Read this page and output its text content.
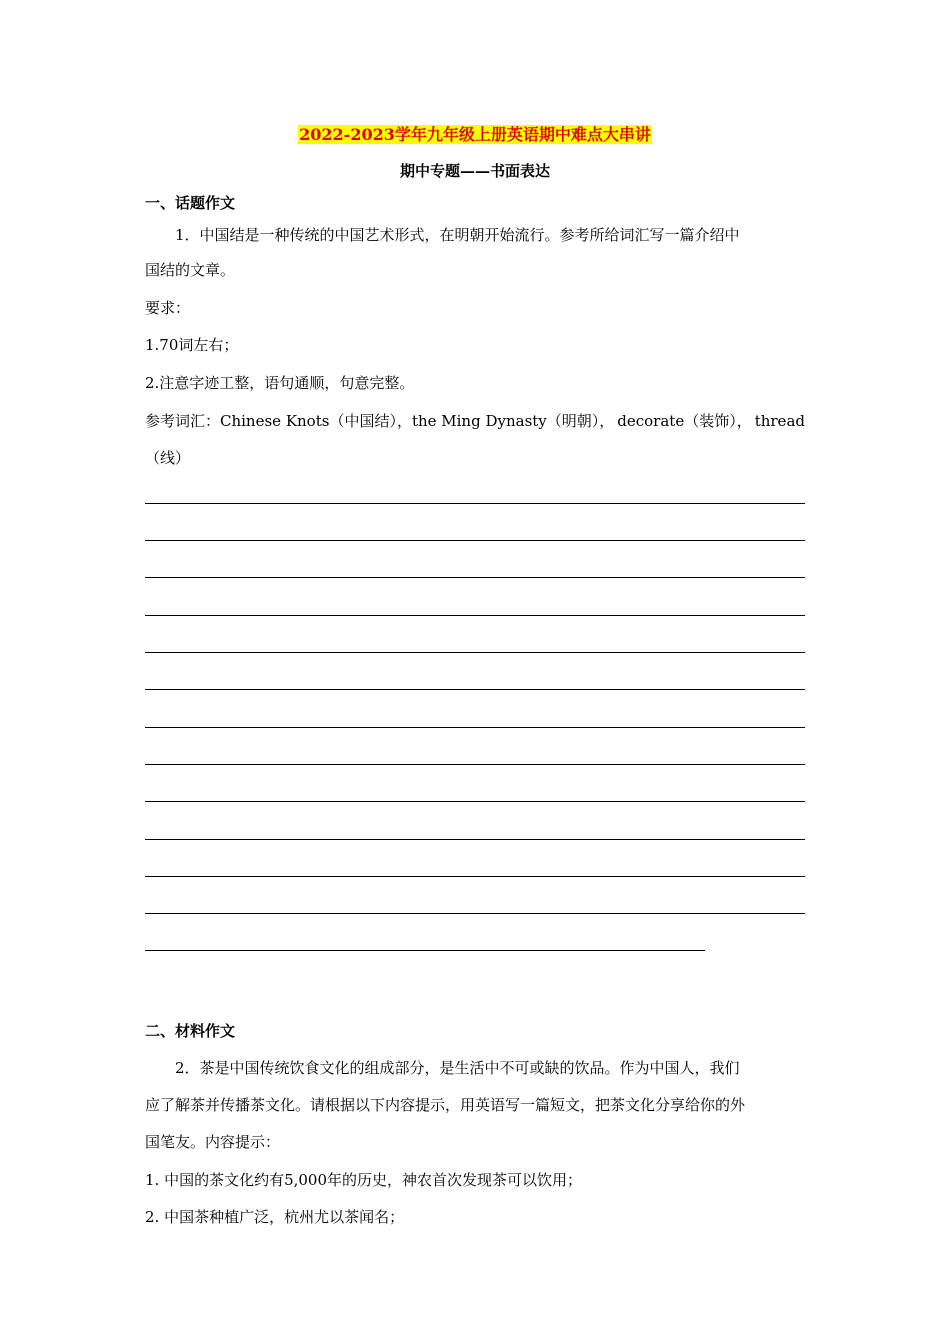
2022-2023学年九年级上册英语期中难点大串讲
期中专题——书面表达
一、话题作文
1．中国结是一种传统的中国艺术形式，在明朝开始流行。参考所给词汇写一篇介绍中
国结的文章。
要求：
1.70词左右；
2.注意字迹工整，语句通顺，句意完整。
参考词汇：Chinese Knots（中国结），the Ming Dynasty（明朝）， decorate（装饰）， thread
（线）
二、材料作文
2．茶是中国传统饮食文化的组成部分，是生活中不可或缺的饮品。作为中国人，我们
应了解茶并传播茶文化。请根据以下内容提示，用英语写一篇短文，把茶文化分享给你的外
国笔友。内容提示：
1. 中国的茶文化约有5,000年的历史，神农首次发现茶可以饮用；
2. 中国茶种植广泛，杭州尤以茶闻名；
